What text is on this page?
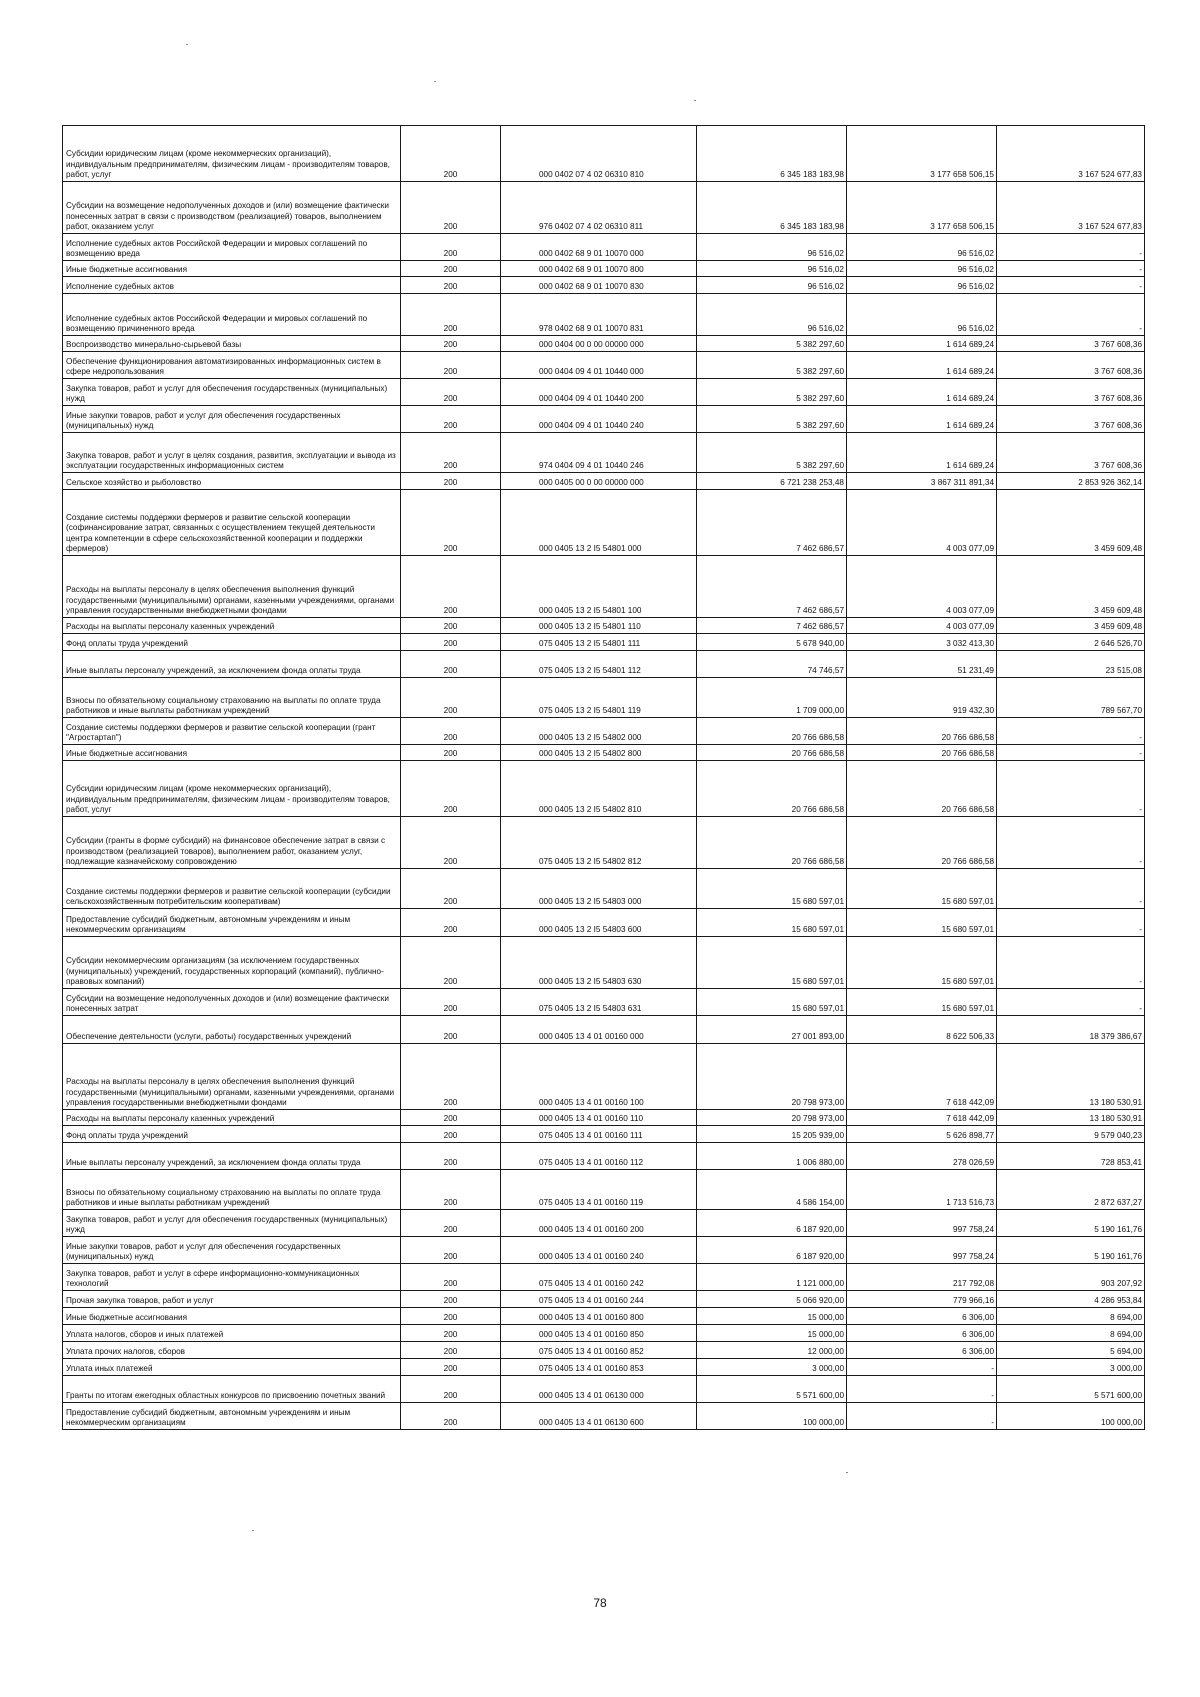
Субсидии юридическим лицам (кроме некоммерческих организаций), индивидуальным предпринимателям, физическим лицам - производителям товаров, работ, услуг	200	000 0402 07 4 02 06310 810	6 345 183 183,98	3 177 658 506,15	3 167 524 677,83
Субсидии на возмещение недополученных доходов и (или) возмещение фактически понесенных затрат в связи с производством (реализацией) товаров, выполнением работ, оказанием услуг	200	976 0402 07 4 02 06310 811	6 345 183 183,98	3 177 658 506,15	3 167 524 677,83
Исполнение судебных актов Российской Федерации и мировых соглашений по возмещению вреда	200	000 0402 68 9 01 10070 000	96 516,02	96 516,02	-
Иные бюджетные ассигнования	200	000 0402 68 9 01 10070 800	96 516,02	96 516,02	-
Исполнение судебных актов	200	000 0402 68 9 01 10070 830	96 516,02	96 516,02	-
Исполнение судебных актов Российской Федерации и мировых соглашений по возмещению причиненного вреда	200	978 0402 68 9 01 10070 831	96 516,02	96 516,02	-
Воспроизводство минерально-сырьевой базы	200	000 0404 00 0 00 00000 000	5 382 297,60	1 614 689,24	3 767 608,36
Обеспечение функционирования автоматизированных информационных систем в сфере недропользования	200	000 0404 09 4 01 10440 000	5 382 297,60	1 614 689,24	3 767 608,36
Закупка товаров, работ и услуг для обеспечения государственных (муниципальных) нужд	200	000 0404 09 4 01 10440 200	5 382 297,60	1 614 689,24	3 767 608,36
Иные закупки товаров, работ и услуг для обеспечения государственных (муниципальных) нужд	200	000 0404 09 4 01 10440 240	5 382 297,60	1 614 689,24	3 767 608,36
Закупка товаров, работ и услуг в целях создания, развития, эксплуатации и вывода из эксплуатации государственных информационных систем	200	974 0404 09 4 01 10440 246	5 382 297,60	1 614 689,24	3 767 608,36
Сельское хозяйство и рыболовство	200	000 0405 00 0 00 00000 000	6 721 238 253,48	3 867 311 891,34	2 853 926 362,14
Создание системы поддержки фермеров и развитие сельской кооперации (софинансирование затрат, связанных с осуществлением текущей деятельности центра компетенции в сфере сельскохозяйственной кооперации и поддержки фермеров)	200	000 0405 13 2 I5 54801 000	7 462 686,57	4 003 077,09	3 459 609,48
Расходы на выплаты персоналу в целях обеспечения выполнения функций государственными (муниципальными) органами, казенными учреждениями, органами управления государственными внебюджетными фондами	200	000 0405 13 2 I5 54801 100	7 462 686,57	4 003 077,09	3 459 609,48
Расходы на выплаты персоналу казенных учреждений	200	000 0405 13 2 I5 54801 110	7 462 686,57	4 003 077,09	3 459 609,48
Фонд оплаты труда учреждений	200	075 0405 13 2 I5 54801 111	5 678 940,00	3 032 413,30	2 646 526,70
Иные выплаты персоналу учреждений, за исключением фонда оплаты труда	200	075 0405 13 2 I5 54801 112	74 746,57	51 231,49	23 515,08
Взносы по обязательному социальному страхованию на выплаты по оплате труда работников и иные выплаты работникам учреждений	200	075 0405 13 2 I5 54801 119	1 709 000,00	919 432,30	789 567,70
Создание системы поддержки фермеров и развитие сельской кооперации (грант "Агростартап")	200	000 0405 13 2 I5 54802 000	20 766 686,58	20 766 686,58	-
Иные бюджетные ассигнования	200	000 0405 13 2 I5 54802 800	20 766 686,58	20 766 686,58	-
Субсидии юридическим лицам (кроме некоммерческих организаций), индивидуальным предпринимателям, физическим лицам - производителям товаров, работ, услуг	200	000 0405 13 2 I5 54802 810	20 766 686,58	20 766 686,58	-
Субсидии (гранты в форме субсидий) на финансовое обеспечение затрат в связи с производством (реализацией товаров), выполнением работ, оказанием услуг, подлежащие казначейскому сопровождению	200	075 0405 13 2 I5 54802 812	20 766 686,58	20 766 686,58	-
Создание системы поддержки фермеров и развитие сельской кооперации (субсидии сельскохозяйственным потребительским кооперативам)	200	000 0405 13 2 I5 54803 000	15 680 597,01	15 680 597,01	-
Предоставление субсидий бюджетным, автономным учреждениям и иным некоммерческим организациям	200	000 0405 13 2 I5 54803 600	15 680 597,01	15 680 597,01	-
Субсидии некоммерческим организациям (за исключением государственных (муниципальных) учреждений, государственных корпораций (компаний), публично-правовых компаний)	200	000 0405 13 2 I5 54803 630	15 680 597,01	15 680 597,01	-
Субсидии на возмещение недополученных доходов и (или) возмещение фактически понесенных затрат	200	075 0405 13 2 I5 54803 631	15 680 597,01	15 680 597,01	-
Обеспечение деятельности (услуги, работы) государственных учреждений	200	000 0405 13 4 01 00160 000	27 001 893,00	8 622 506,33	18 379 386,67
Расходы на выплаты персоналу в целях обеспечения выполнения функций государственными (муниципальными) органами, казенными учреждениями, органами управления государственными внебюджетными фондами	200	000 0405 13 4 01 00160 100	20 798 973,00	7 618 442,09	13 180 530,91
Расходы на выплаты персоналу казенных учреждений	200	000 0405 13 4 01 00160 110	20 798 973,00	7 618 442,09	13 180 530,91
Фонд оплаты труда учреждений	200	075 0405 13 4 01 00160 111	15 205 939,00	5 626 898,77	9 579 040,23
Иные выплаты персоналу учреждений, за исключением фонда оплаты труда	200	075 0405 13 4 01 00160 112	1 006 880,00	278 026,59	728 853,41
Взносы по обязательному социальному страхованию на выплаты по оплате труда работников и иные выплаты работникам учреждений	200	075 0405 13 4 01 00160 119	4 586 154,00	1 713 516,73	2 872 637,27
Закупка товаров, работ и услуг для обеспечения государственных (муниципальных) нужд	200	000 0405 13 4 01 00160 200	6 187 920,00	997 758,24	5 190 161,76
Иные закупки товаров, работ и услуг для обеспечения государственных (муниципальных) нужд	200	000 0405 13 4 01 00160 240	6 187 920,00	997 758,24	5 190 161,76
Закупка товаров, работ и услуг в сфере информационно-коммуникационных технологий	200	075 0405 13 4 01 00160 242	1 121 000,00	217 792,08	903 207,92
Прочая закупка товаров, работ и услуг	200	075 0405 13 4 01 00160 244	5 066 920,00	779 966,16	4 286 953,84
Иные бюджетные ассигнования	200	000 0405 13 4 01 00160 800	15 000,00	6 306,00	8 694,00
Уплата налогов, сборов и иных платежей	200	000 0405 13 4 01 00160 850	15 000,00	6 306,00	8 694,00
Уплата прочих налогов, сборов	200	075 0405 13 4 01 00160 852	12 000,00	6 306,00	5 694,00
Уплата иных платежей	200	075 0405 13 4 01 00160 853	3 000,00	-	3 000,00
Гранты по итогам ежегодных областных конкурсов по присвоению почетных званий	200	000 0405 13 4 01 06130 000	5 571 600,00	-	5 571 600,00
Предоставление субсидий бюджетным, автономным учреждениям и иным некоммерческим организациям	200	000 0405 13 4 01 06130 600	100 000,00	-	100 000,00
78
